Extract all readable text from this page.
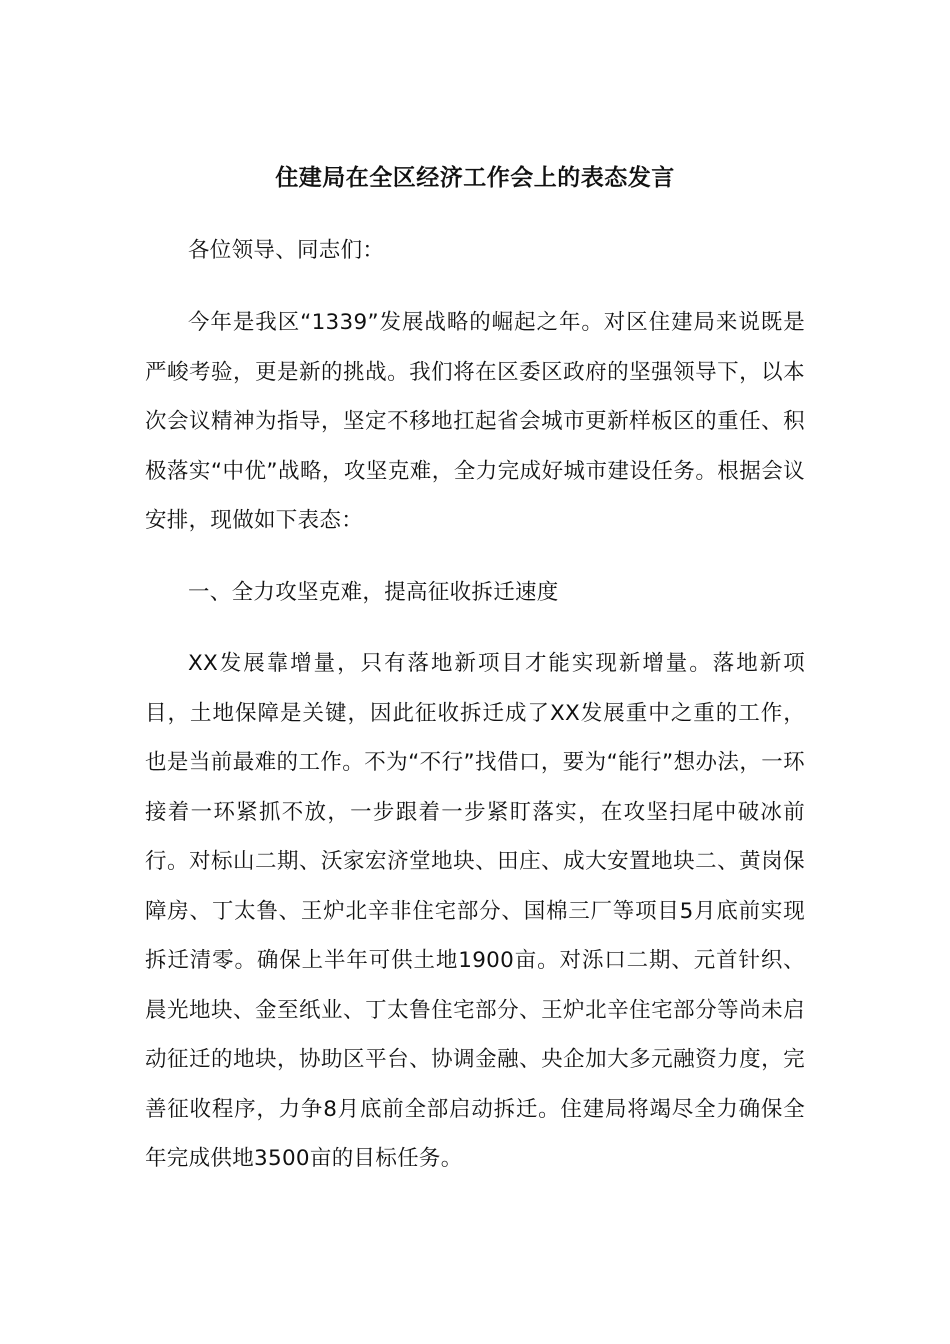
住建局在全区经济工作会上的表态发言

各位领导、同志们：

今年是我区“1339”发展战略的崛起之年。对区住建局来说既是严峻考验，更是新的挑战。我们将在区委区政府的坚强领导下，以本次会议精神为指导，坚定不移地扛起省会城市更新样板区的重任、积极落实“中优”战略，攻坚克难，全力完成好城市建设任务。根据会议安排，现做如下表态：

一、全力攻坚克难，提高征收拆迁速度

XX发展靠增量，只有落地新项目才能实现新增量。落地新项目，土地保障是关键，因此征收拆迁成了XX发展重中之重的工作，也是当前最难的工作。不为“不行”找借口，要为“能行”想办法，一环接着一环紧抓不放，一步跟着一步紧盯落实，在攻坚扫尾中破冰前行。对标山二期、沃家宏济堂地块、田庄、成大安置地块二、黄岗保障房、丁太鲁、王炉北辛非住宅部分、国棉三厂等项目5月底前实现拆迁清零。确保上半年可供土地1900亩。对泺口二期、元首针织、晨光地块、金至纸业、丁太鲁住宅部分、王炉北辛住宅部分等尚未启动征迁的地块，协助区平台、协调金融、央企加大多元融资力度，完善征收程序，力争8月底前全部启动拆迁。住建局将竭尽全力确保全年完成供地3500亩的目标任务。
